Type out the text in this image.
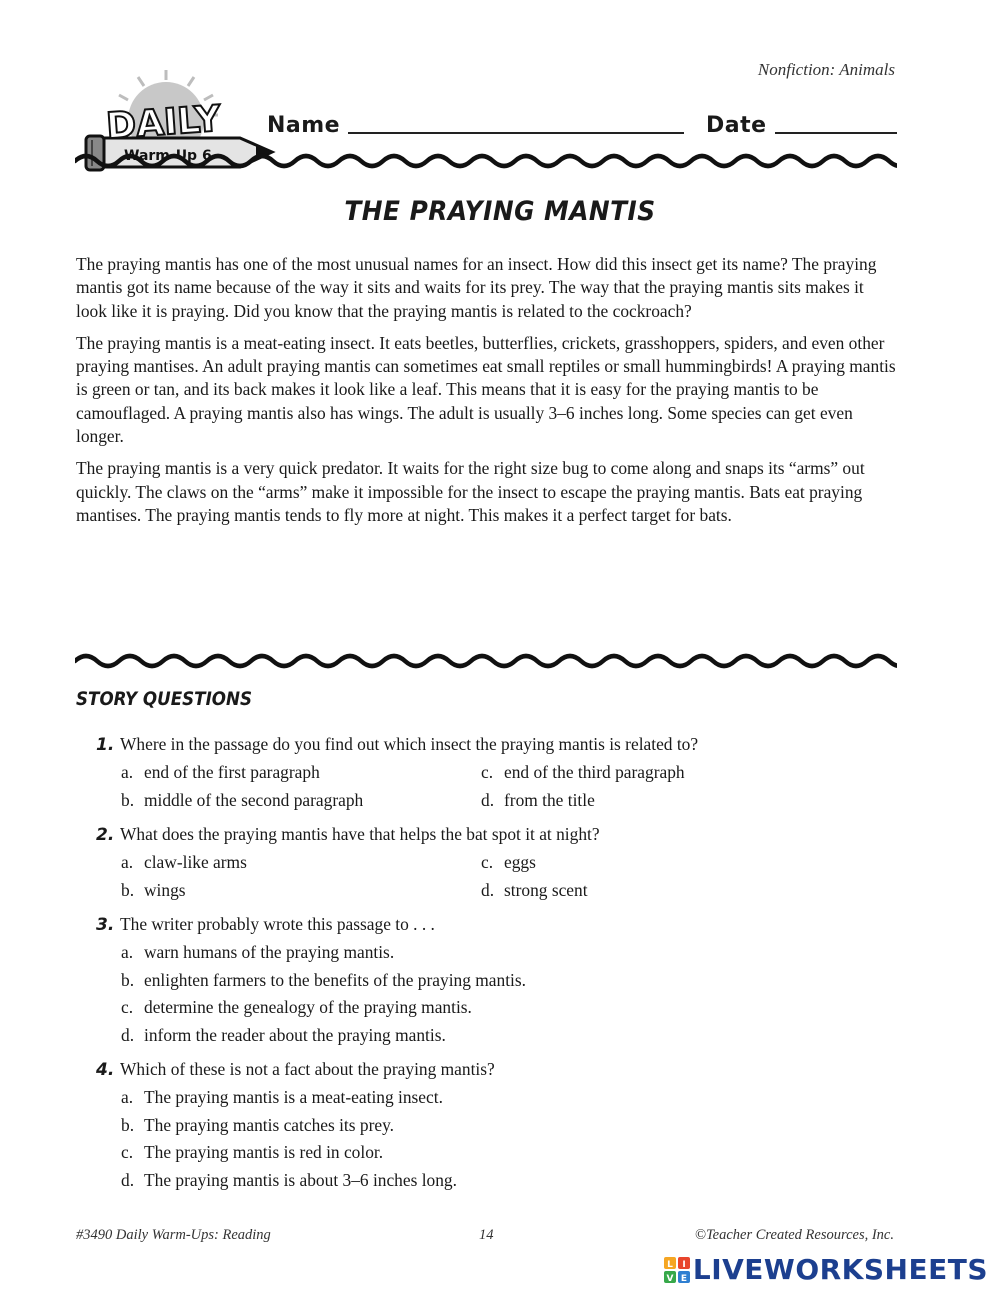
Nonfiction: Animals
DAILY
Warm-Up 6
Name	Date
THE PRAYING MANTIS

The praying mantis has one of the most unusual names for an insect. How did this insect get its name? The praying mantis got its name because of the way it sits and waits for its prey. The way that the praying mantis sits makes it look like it is praying. Did you know that the praying mantis is related to the cockroach?

The praying mantis is a meat-eating insect. It eats beetles, butterflies, crickets, grasshoppers, spiders, and even other praying mantises. An adult praying mantis can sometimes eat small reptiles or small hummingbirds! A praying mantis is green or tan, and its back makes it look like a leaf. This means that it is easy for the praying mantis to be camouflaged. A praying mantis also has wings. The adult is usually 3–6 inches long. Some species can get even longer.

The praying mantis is a very quick predator. It waits for the right size bug to come along and snaps its “arms” out quickly. The claws on the “arms” make it impossible for the insect to escape the praying mantis. Bats eat praying mantises. The praying mantis tends to fly more at night. This makes it a perfect target for bats.

STORY QUESTIONS
1. Where in the passage do you find out which insect the praying mantis is related to?
a. end of the first paragraph	c. end of the third paragraph
b. middle of the second paragraph	d. from the title
2. What does the praying mantis have that helps the bat spot it at night?
a. claw-like arms	c. eggs
b. wings	d. strong scent
3. The writer probably wrote this passage to . . .
a. warn humans of the praying mantis.
b. enlighten farmers to the benefits of the praying mantis.
c. determine the genealogy of the praying mantis.
d. inform the reader about the praying mantis.
4. Which of these is not a fact about the praying mantis?
a. The praying mantis is a meat-eating insect.
b. The praying mantis catches its prey.
c. The praying mantis is red in color.
d. The praying mantis is about 3–6 inches long.
#3490 Daily Warm-Ups: Reading	14	©Teacher Created Resources, Inc.
L I
V E LIVEWORKSHEETS
